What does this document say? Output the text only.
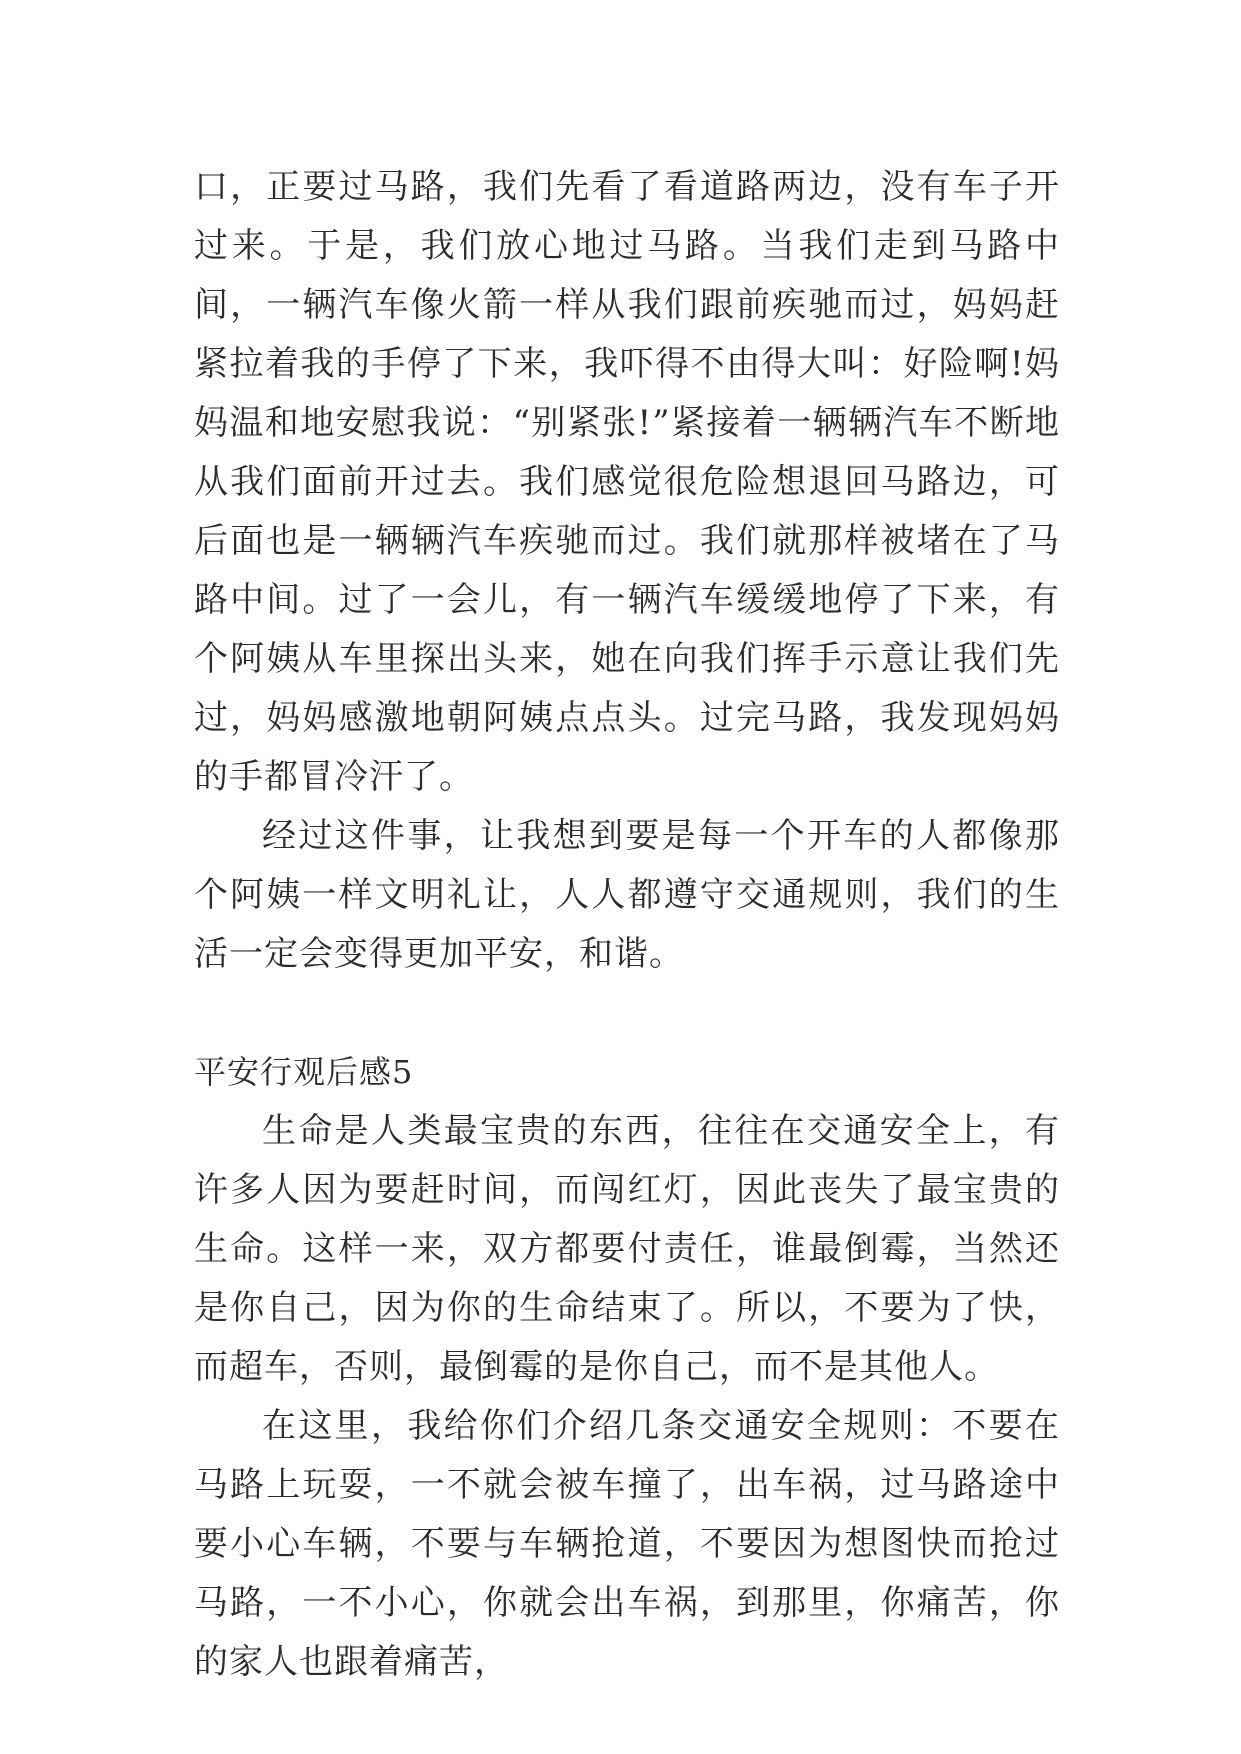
口，正要过马路，我们先看了看道路两边，没有车子开过来。于是，我们放心地过马路。当我们走到马路中间，一辆汽车像火箭一样从我们跟前疾驰而过，妈妈赶紧拉着我的手停了下来，我吓得不由得大叫：好险啊!妈妈温和地安慰我说：“别紧张!”紧接着一辆辆汽车不断地从我们面前开过去。我们感觉很危险想退回马路边，可后面也是一辆辆汽车疾驰而过。我们就那样被堵在了马路中间。过了一会儿，有一辆汽车缓缓地停了下来，有个阿姨从车里探出头来，她在向我们挥手示意让我们先过，妈妈感激地朝阿姨点点头。过完马路，我发现妈妈的手都冒冷汗了。

经过这件事，让我想到要是每一个开车的人都像那个阿姨一样文明礼让，人人都遵守交通规则，我们的生活一定会变得更加平安，和谐。

平安行观后感5

生命是人类最宝贵的东西，往往在交通安全上，有许多人因为要赶时间，而闯红灯，因此丧失了最宝贵的生命。这样一来，双方都要付责任，谁最倒霉，当然还是你自己，因为你的生命结束了。所以，不要为了快，而超车，否则，最倒霉的是你自己，而不是其他人。

在这里，我给你们介绍几条交通安全规则：不要在马路上玩耍，一不就会被车撞了，出车祸，过马路途中要小心车辆，不要与车辆抢道，不要因为想图快而抢过马路，一不小心，你就会出车祸，到那里，你痛苦，你的家人也跟着痛苦，
